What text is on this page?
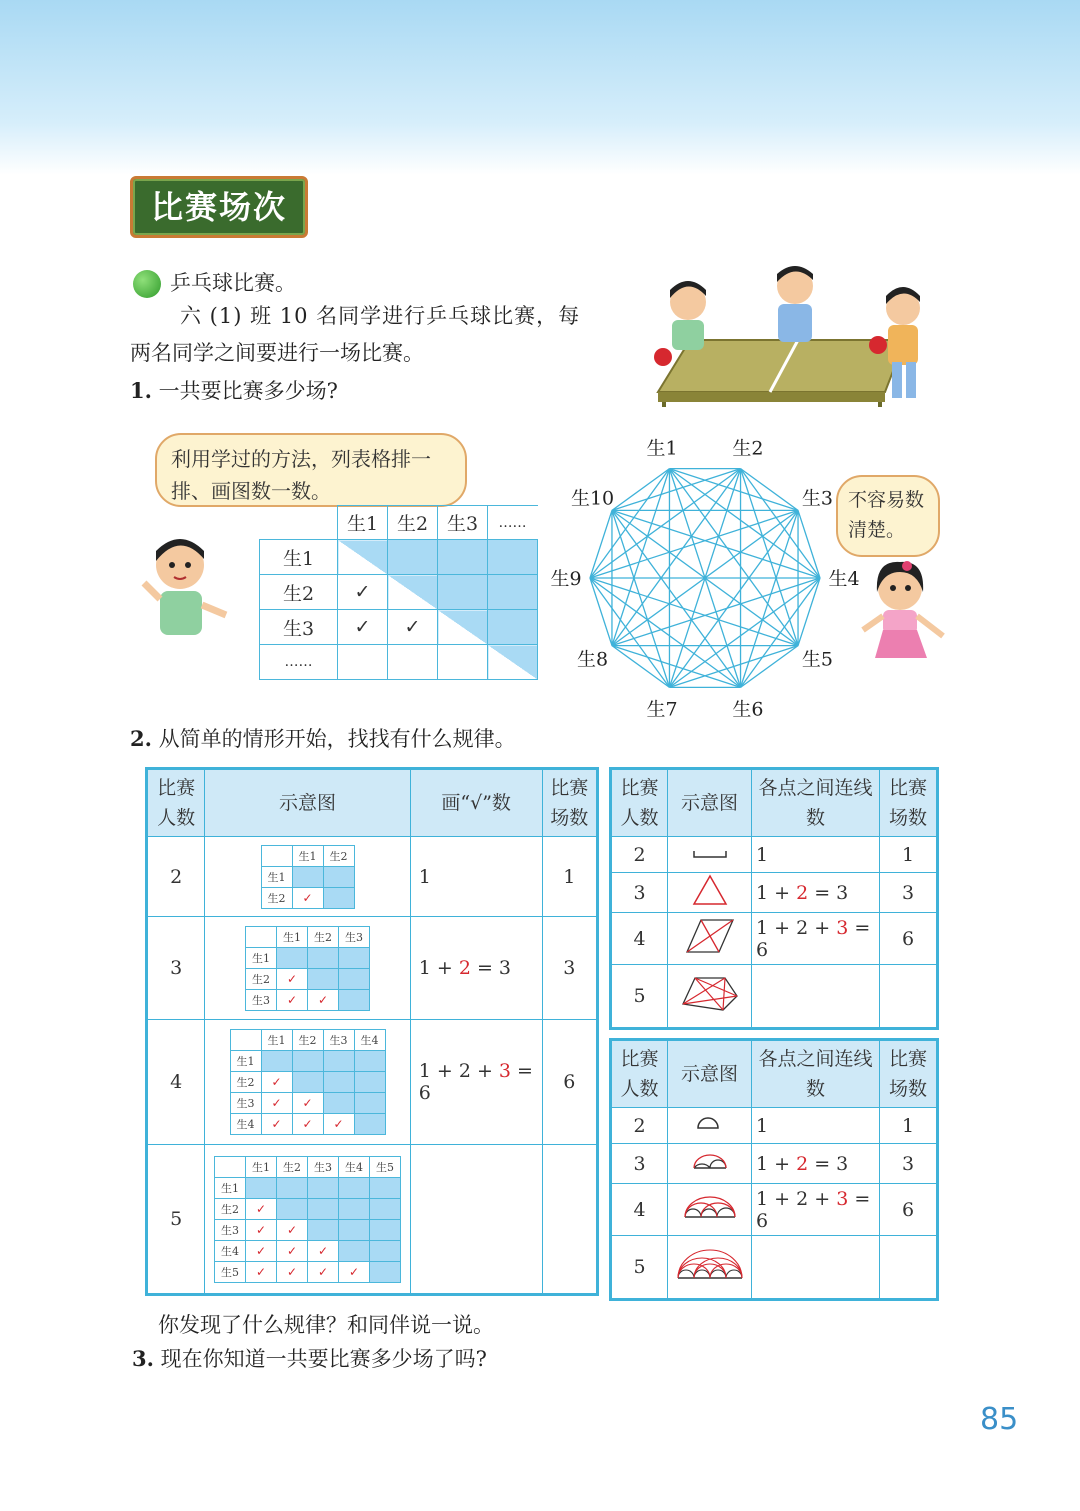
比赛场次
乒乓球比赛。
六 (1) 班 10 名同学进行乒乓球比赛，每
两名同学之间要进行一场比赛。
1. 一共要比赛多少场?
利用学过的方法，列表格排一排、画图数一数。
	生1	生2	生3	……
生1				
生2	✓			
生3	✓	✓		
……				
生1	生2
生3
生4
生5
生6
生7
生8
生9
生10	不容易数清楚。
2. 从简单的情形开始，找找有什么规律。
比赛人数	示意图	画“√”数	比赛场数
2	
	生1	生2
生1		
生2	✓	
	1	1
3	
	生1	生2	生3
生1			
生2	✓		
生3	✓	✓	
	1 + 2 = 3	3
4	
	生1	生2	生3	生4
生1				
生2	✓			
生3	✓	✓		
生4	✓	✓	✓	
	1 + 2 + 3 = 6	6
5	
	生1	生2	生3	生4	生5
生1					
生2	✓				
生3	✓	✓			
生4	✓	✓	✓		
生5	✓	✓	✓	✓	

比赛人数	示意图	各点之间连线数	比赛场数
2		1	1
3		1 + 2 = 3	3
4		1 + 2 + 3 = 6	6
5			
比赛人数	示意图	各点之间连线数	比赛场数
2		1	1
3		1 + 2 = 3	3
4		1 + 2 + 3 = 6	6
5			
你发现了什么规律？和同伴说一说。
3. 现在你知道一共要比赛多少场了吗?
85
